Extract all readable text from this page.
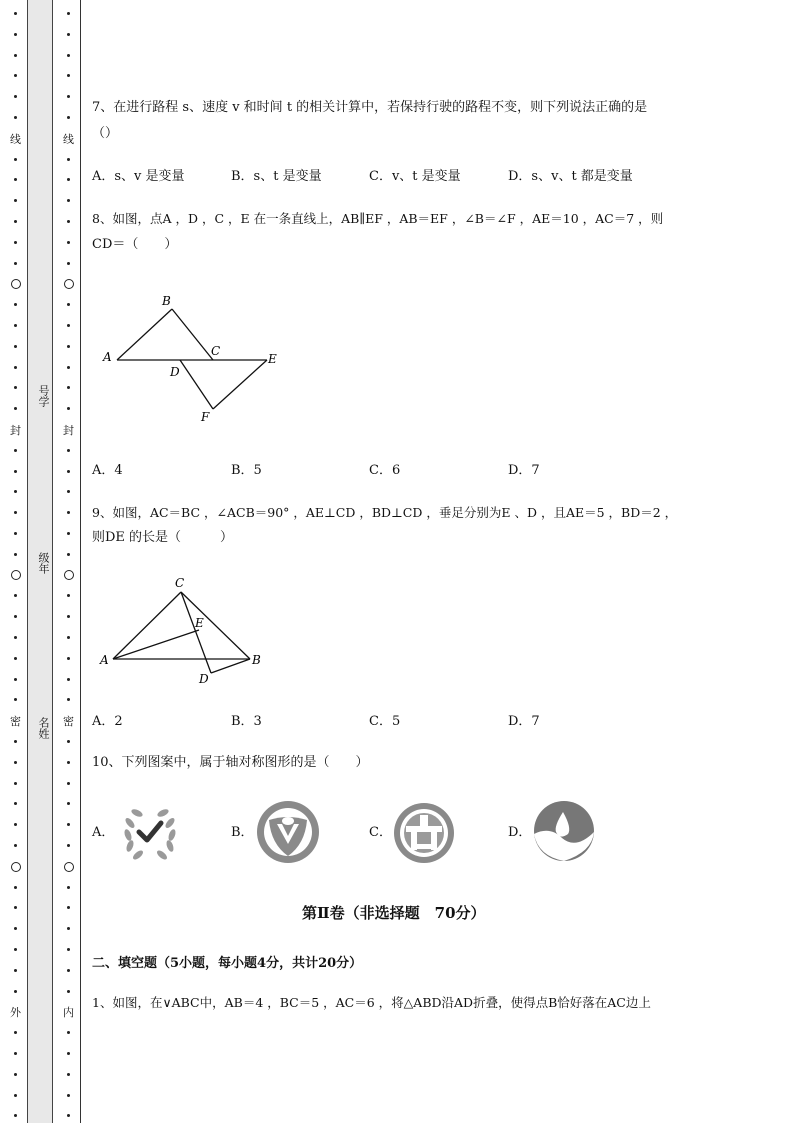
线
封
密
外
线
封
密
内
号学
级年
名姓
7、在进行路程 s、速度 v 和时间 t 的相关计算中，若保持行驶的路程不变，则下列说法正确的是
（）
A．s、v 是变量	B．s、t 是变量	C．v、t 是变量	D．s、v、t 都是变量
8、如图，点A ，D ，C ，E 在一条直线上，AB∥EF ，AB＝EF ，∠B＝∠F ，AE＝10 ，AC＝7 ，则
CD＝（　　）
A
B
C
D
E
F
A．4	B．5	C．6	D．7
9、如图，AC＝BC ，∠ACB＝90° ，AE⊥CD ，BD⊥CD ，垂足分别为E 、D ，且AE＝5 ，BD＝2 ，
则DE 的长是（　　　）
A	B
C
D
E
A．2	B．3	C．5	D．7
10、下列图案中，属于轴对称图形的是（　　）
A．	B．	C．	D．
第Ⅱ卷（非选择题　70分）
二、填空题（5小题，每小题4分，共计20分）
1、如图，在∨ABC中，AB＝4 ，BC＝5 ，AC＝6 ，将△ABD沿AD折叠，使得点B恰好落在AC边上
